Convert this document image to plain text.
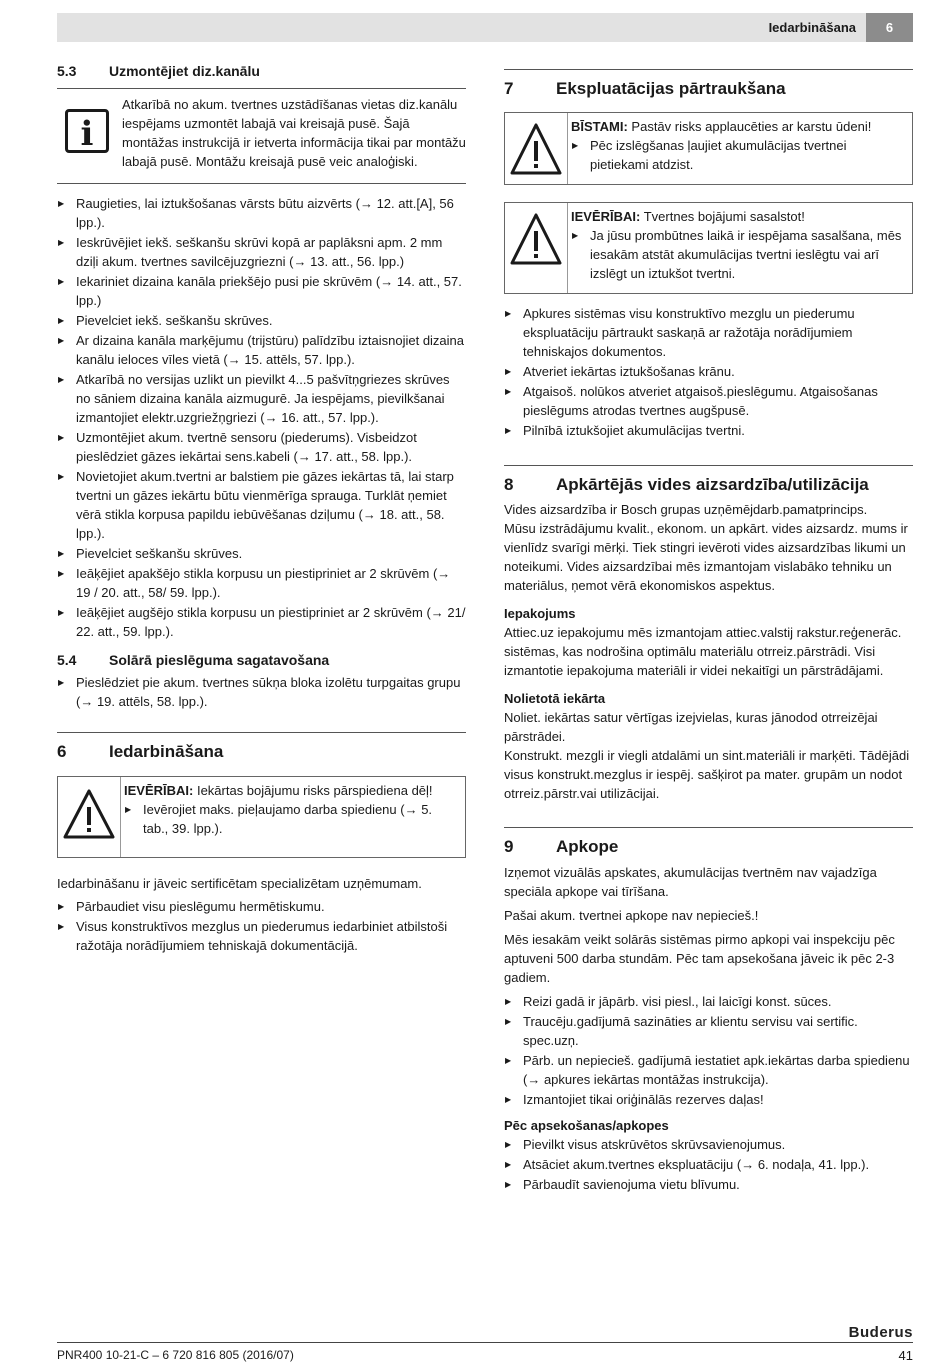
Iedarbināšana	6
5.3 Uzmontējiet diz.kanālu
i

Atkarībā no akum. tvertnes uzstādīšanas vietas diz.kanālu iespējams uzmontēt labajā vai kreisajā pusē. Šajā montāžas instrukcijā ir ietverta informācija tikai par montāžu labajā pusē. Montāžu kreisajā pusē veic analoģiski.

▶ Raugieties, lai iztukšošanas vārsts būtu aizvērts (→ 12. att.[A], 56 lpp.).
▶ Ieskrūvējiet iekš. seškanšu skrūvi kopā ar paplāksni apm. 2 mm dziļi akum. tvertnes savilcējuzgriezni (→ 13. att., 56. lpp.)
▶ Iekariniet dizaina kanāla priekšējo pusi pie skrūvēm (→ 14. att., 57. lpp.)
▶ Pievelciet iekš. seškanšu skrūves.
▶ Ar dizaina kanāla marķējumu (trijstūru) palīdzību iztaisnojiet dizaina kanālu ieloces vīles vietā (→ 15. attēls, 57. lpp.).
▶ Atkarībā no versijas uzlikt un pievilkt 4...5 pašvītņgriezes skrūves no sāniem dizaina kanāla aizmugurē. Ja iespējams, pievilkšanai izmantojiet elektr.uzgriežņgriezi (→ 16. att., 57. lpp.).
▶ Uzmontējiet akum. tvertnē sensoru (piederums). Visbeidzot pieslēdziet gāzes iekārtai sens.kabeli (→ 17. att., 58. lpp.).
▶ Novietojiet akum.tvertni ar balstiem pie gāzes iekārtas tā, lai starp tvertni un gāzes iekārtu būtu vienmērīga sprauga. Turklāt ņemiet vērā stikla korpusa papildu iebūvēšanas dziļumu (→ 18. att., 58. lpp.).
▶ Pievelciet seškanšu skrūves.
▶ Ieāķējiet apakšējo stikla korpusu un piestipriniet ar 2 skrūvēm (→ 19 / 20. att., 58/ 59. lpp.).
▶ Ieāķējiet augšējo stikla korpusu un piestipriniet ar 2 skrūvēm (→ 21/ 22. att., 59. lpp.).
5.4 Solārā pieslēguma sagatavošana
▶ Pieslēdziet pie akum. tvertnes sūkņa bloka izolētu turpgaitas grupu (→ 19. attēls, 58. lpp.).
6	Iedarbināšana

IEVĒRĪBAI: Iekārtas bojājumu risks pārspiediena dēļ!

▶ Ievērojiet maks. pieļaujamo darba spiedienu (→ 5. tab., 39. lpp.).

Iedarbināšanu ir jāveic sertificētam specializētam uzņēmumam.

▶ Pārbaudiet visu pieslēgumu hermētiskumu.
▶ Visus konstruktīvos mezglus un piederumus iedarbiniet atbilstoši ražotāja norādījumiem tehniskajā dokumentācijā.
7	Ekspluatācijas pārtraukšana

BĪSTAMI: Pastāv risks applaucēties ar karstu ūdeni!

▶ Pēc izslēgšanas ļaujiet akumulācijas tvertnei pietiekami atdzist.

IEVĒRĪBAI: Tvertnes bojājumi sasalstot!

▶ Ja jūsu prombūtnes laikā ir iespējama sasalšana, mēs iesakām atstāt akumulācijas tvertni ieslēgtu vai arī izslēgt un iztukšot tvertni.
▶ Apkures sistēmas visu konstruktīvo mezglu un piederumu ekspluatāciju pārtraukt saskaņā ar ražotāja norādījumiem tehniskajos dokumentos.
▶ Atveriet iekārtas iztukšošanas krānu.
▶ Atgaisoš. nolūkos atveriet atgaisoš.pieslēgumu. Atgaisošanas pieslēgums atrodas tvertnes augšpusē.
▶ Pilnībā iztukšojiet akumulācijas tvertni.
8	Apkārtējās vides aizsardzība/utilizācija

Vides aizsardzība ir Bosch grupas uzņēmējdarb.pamatprincips.

Mūsu izstrādājumu kvalit., ekonom. un apkārt. vides aizsardz. mums ir vienlīdz svarīgi mērķi. Tiek stingri ievēroti vides aizsardzības likumi un noteikumi. Vides aizsardzībai mēs izmantojam vislabāko tehniku un materiālus, ņemot vērā ekonomiskos aspektus.

Iepakojums

Attiec.uz iepakojumu mēs izmantojam attiec.valstij rakstur.reģenerāc. sistēmas, kas nodrošina optimālu materiālu otrreiz.pārstrādi. Visi izmantotie iepakojuma materiāli ir videi nekaitīgi un pārstrādājami.

Nolietotā iekārta

Noliet. iekārtas satur vērtīgas izejvielas, kuras jānodod otrreizējai pārstrādei.

Konstrukt. mezgli ir viegli atdalāmi un sint.materiāli ir marķēti. Tādējādi visus konstrukt.mezglus ir iespēj. sašķirot pa mater. grupām un nodot otrreiz.pārstr.vai utilizācijai.

9	Apkope

Izņemot vizuālās apskates, akumulācijas tvertnēm nav vajadzīga speciāla apkope vai tīrīšana.

Pašai akum. tvertnei apkope nav nepieciеš.!

Mēs iesakām veikt solārās sistēmas pirmo apkopi vai inspekciju pēc aptuveni 500 darba stundām. Pēc tam apsekošana jāveic ik pēc 2-3 gadiem.

▶ Reizi gadā ir jāpārb. visi piesl., lai laicīgi konst. sūces.
▶ Traucēju.gadījumā sazināties ar klientu servisu vai sertific. spec.uzņ.
▶ Pārb. un nepiecieš. gadījumā iestatiet apk.iekārtas darba spiedienu (→ apkures iekārtas montāžas instrukcija).
▶ Izmantojiet tikai oriģinālās rezerves daļas!

Pēc apsekošanas/apkopes

▶ Pievilkt visus atskrūvētos skrūvsavienojumus.
▶ Atsāciet akum.tvertnes ekspluatāciju (→ 6. nodaļa, 41. lpp.).
▶ Pārbaudīt savienojuma vietu blīvumu.
Buderus
PNR400 10-21-C – 6 720 816 805 (2016/07)	41
